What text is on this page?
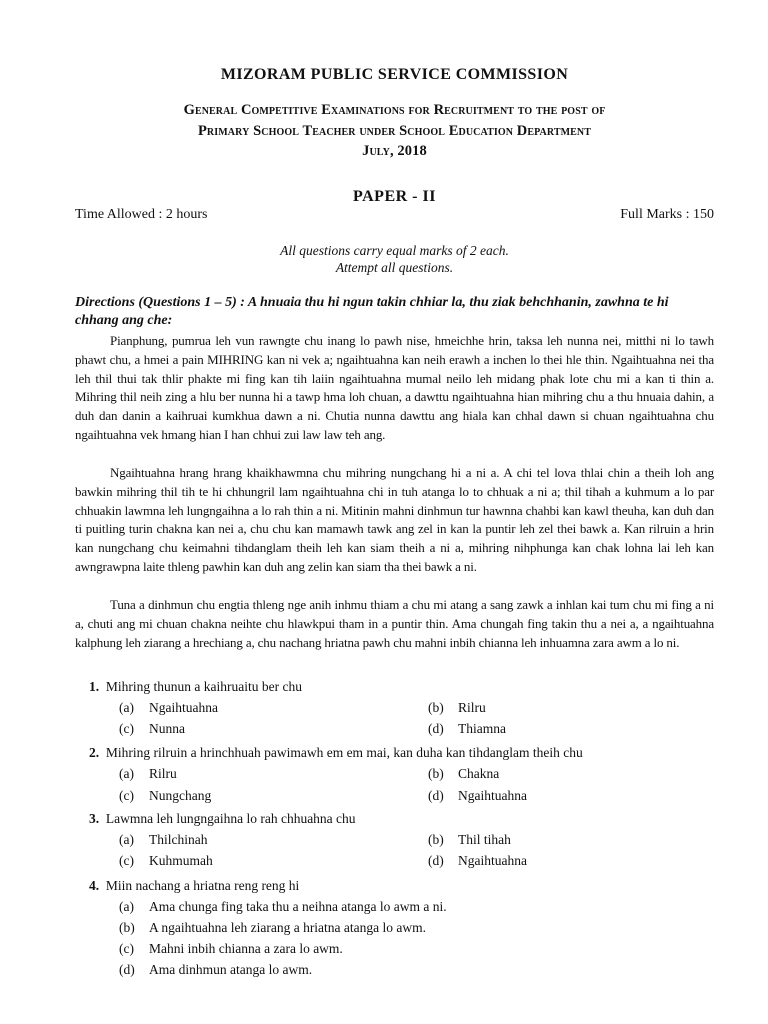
MIZORAM PUBLIC SERVICE COMMISSION
General Competitive Examinations for Recruitment to the post of
Primary School Teacher under School Education Department
July, 2018
PAPER - II
Time Allowed : 2 hours	Full Marks : 150
All questions carry equal marks of 2 each.
Attempt all questions.
Directions (Questions 1 – 5) : A hnuaia thu hi ngun takin chhiar la, thu ziak behchhanin, zawhna te hi chhang ang che:

Pianphung, pumrua leh vun rawngte chu inang lo pawh nise, hmeichhe hrin, taksa leh nunna nei, mitthi ni lo tawh phawt chu, a hmei a pain MIHRING kan ni vek a; ngaihtuahna kan neih erawh a inchen lo thei hle thin. Ngaihtuahna nei tha leh thil thui tak thlir phakte mi fing kan tih laiin ngaihtuahna mumal neilo leh midang phak lote chu mi a kan ti thin a. Mihring thil neih zing a hlu ber nunna hi a tawp hma loh chuan, a dawttu ngaihtuahna hian mihring chu a thu hnuaia dahin, a duh dan danin a kaihruai kumkhua dawn a ni. Chutia nunna dawttu ang hiala kan chhal dawn si chuan ngaihtuahna chu ngaihtuahna vek hmang hian I han chhui zui law law teh ang.

Ngaihtuahna hrang hrang khaikhawmna chu mihring nungchang hi a ni a. A chi tel lova thlai chin a theih loh ang bawkin mihring thil tih te hi chhungril lam ngaihtuahna chi in tuh atanga lo to chhuak a ni a; thil tihah a kuhmum a lo par chhuakin lawmna leh lungngaihna a lo rah thin a ni. Mitinin mahni dinhmun tur hawnna chahbi kan kawl theuha, kan duh dan ti puitling turin chakna kan nei a, chu chu kan mamawh tawk ang zel in kan la puntir leh zel thei bawk a. Kan rilruin a hrin kan nungchang chu keimahni tihdanglam theih leh kan siam theih a ni a, mihring nihphunga kan chak lohna lai leh kan awngrawpna laite thleng pawhin kan duh ang zelin kan siam tha thei bawk a ni.

Tuna a dinhmun chu engtia thleng nge anih inhmu thiam a chu mi atang a sang zawk a inhlan kai tum chu mi fing a ni a, chuti ang mi chuan chakna neihte chu hlawkpui tham in a puntir thin. Ama chungah fing takin thu a nei a, a ngaihtuahna kalphung leh ziarang a hrechiang a, chu nachang hriatna pawh chu mahni inbih chianna leh inhuamna zara awm a lo ni.

1. Mihring thunun a kaihruaitu ber chu
(a) Ngaihtuahna	(b) Rilru
(c) Nunna	(d) Thiamna
2. Mihring rilruin a hrinchhuah pawimawh em em mai, kan duha kan tihdanglam theih chu
(a) Rilru	(b) Chakna
(c) Nungchang	(d) Ngaihtuahna
3. Lawmna leh lungngaihna lo rah chhuahna chu
(a) Thilchinah	(b) Thil tihah
(c) Kuhmumah	(d) Ngaihtuahna
4. Miin nachang a hriatna reng reng hi
(a) Ama chunga fing taka thu a neihna atanga lo awm a ni.
(b) A ngaihtuahna leh ziarang a hriatna atanga lo awm.
(c) Mahni inbih chianna a zara lo awm.
(d) Ama dinhmun atanga lo awm.
